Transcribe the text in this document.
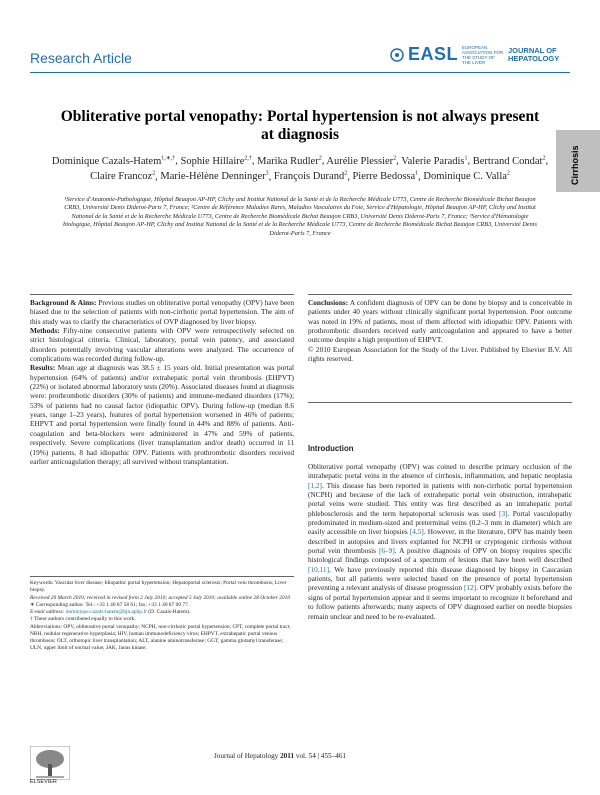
Research Article	EASL EUROPEAN ASSOCIATION FOR THE STUDY OF THE LIVER
JOURNAL OF
HEPATOLOGY
Cirrhosis
Obliterative portal venopathy: Portal hypertension is not always present at diagnosis
Dominique Cazals-Hatem$^{1,∗,\dagger}$, Sophie Hillaire$^{2,\dagger}$, Marika Rudler$^2$, Aurélie Plessier$^2$, Valerie Paradis$^1$, Bertrand Condat$^2$, Claire Francoz$^2$, Marie-Hélène Denninger$^3$, François Durand$^2$, Pierre Bedossa$^1$, Dominique C. Valla$^2$
¹Service d'Anatomie-Pathologique, Hôpital Beaujon AP-HP, Clichy and Institut National de la Santé et de la Recherche Médicale U773, Centre de Recherche Biomédicale Bichat Beaujon CRB3, Université Denis Diderot-Paris 7, France; ²Centre de Référence Maladies Rares, Maladies Vasculaires du Foie, Service d'Hépatologie, Hôpital Beaujon AP-HP, Clichy and Institut National de la Santé et de la Recherche Médicale U773, Centre de Recherche Biomédicale Bichat Beaujon CRB3, Université Denis Diderot-Paris 7, France; ³Service d'Hématologie biologique, Hôpital Beaujon AP-HP, Clichy and Institut National de la Santé et de la Recherche Médicale U773, Centre de Recherche Biomédicale Bichat Beaujon CRB3, Université Denis Diderot-Paris 7, France

Background & Aims: Previous studies on obliterative portal venopathy (OPV) have been biased due to the selection of patients with non-cirrhotic portal hypertension. The aim of this study was to clarify the characteristics of OVP diagnosed by liver biopsy.

Methods: Fifty-nine consecutive patients with OPV were retrospectively selected on strict histological criteria. Clinical, laboratory, portal vein patency, and associated disorders potentially involving vascular alterations were analyzed. The occurrence of complications was recorded during follow-up.

Results: Mean age at diagnosis was 38.5 ± 15 years old. Initial presentation was portal hypertension (64% of patients) and/or extrahepatic portal vein thrombosis (EHPVT) (22%) or isolated abnormal laboratory tests (20%). Associated diseases found at diagnosis were: prothrombotic disorders (30% of patients) and immune-mediated disorders (17%); 53% of patients had no causal factor (idiopathic OPV). During follow-up (median 8.6 years, range 1–23 years), features of portal hypertension worsened in 46% of patients; EHPVT and portal hypertension were finally found in 44% and 88% of patients. Anti-coagulation and beta-blockers were administered in 47% and 59% of patients, respectively. Severe complications (liver transplantation and/or death) occurred in 11 (19%) patients, 8 had idiopathic OPV. Patients with prothrombotic disorders received earlier anticoagulation therapy; all survived without transplantation.

Conclusions: A confident diagnosis of OPV can be done by biopsy and is conceivable in patients under 40 years without clinically significant portal hypertension. Poor outcome was noted in 19% of patients, most of them affected with idiopathic OPV. Patients with prothrombotic disorders received early anticoagulation and appeared to have a better outcome despite a high proportion of EHPVT.

© 2010 European Association for the Study of the Liver. Published by Elsevier B.V. All rights reserved.

Introduction
Obliterative portal venopathy (OPV) was coined to describe primary occlusion of the intrahepatic portal veins in the absence of cirrhosis, inflammation, and hepatic neoplasia [1,2]. This disease has been reported in patients with non-cirrhotic portal hypertension (NCPH) and because of the lack of extrahepatic portal vein obstruction, intrahepatic portal veins were studied. This entity was first described as an intrahepatic portal phlebosclerosis and the term hepatoportal sclerosis was used [3]. Portal vasculopathy predominated in medium-sized and preterminal veins (0.2–3 mm in diameter) which are easily accessible on liver biopsies [4,5]. However, in the literature, OPV has mainly been described in autopsies and livers explanted for NCPH or cryptogenic cirrhosis without portal vein thrombosis [6–9]. A positive diagnosis of OPV on biopsy requires specific histological findings composed of a spectrum of lesions that have been well described [10,11]. We have previously reported this disease diagnosed by biopsy in Caucasian patients, but all patients were selected based on the presence of portal hypertension preventing a relevant analysis of disease progression [12]. OPV probably exists before the signs of portal hypertension appear and it seems important to recognize it beforehand and to follow patients afterwards; many aspects of OPV diagnosed earlier on needle biopsies remain unclear and need to be re-evaluated.

Keywords: Vascular liver disease; Idiopathic portal hypertension; Hepatoportal sclerosis; Portal vein thrombosis; Liver biopsy.

Received 20 March 2010; received in revised form 2 July 2010; accepted 5 July 2010; available online 28 October 2010

∗ Corresponding author. Tel.: +33 1 40 87 58 61; fax: +33 1 40 87 00 77.

E-mail address: dominique.cazals-hatem@bjn.aphp.fr (D. Cazals-Hatem).

† These authors contributed equally to this work.

Abbreviations: OPV, obliterative portal venopathy; NCPH, non-cirrhotic portal hypertension; CPT, complete portal tract; NRH, nodular regenerative hyperplasia; HIV, human immunodeficiency virus; EHPVT, extrahepatic portal venous thrombosis; OLT, orthotopic liver transplantation; ALT, alanine aminotransferase; GGT, gamma glutamyl transferase; ULN, upper limit of normal value; JAK, Janus kinase.

ELSEVIER
Journal of Hepatology 2011 vol. 54 | 455–461
